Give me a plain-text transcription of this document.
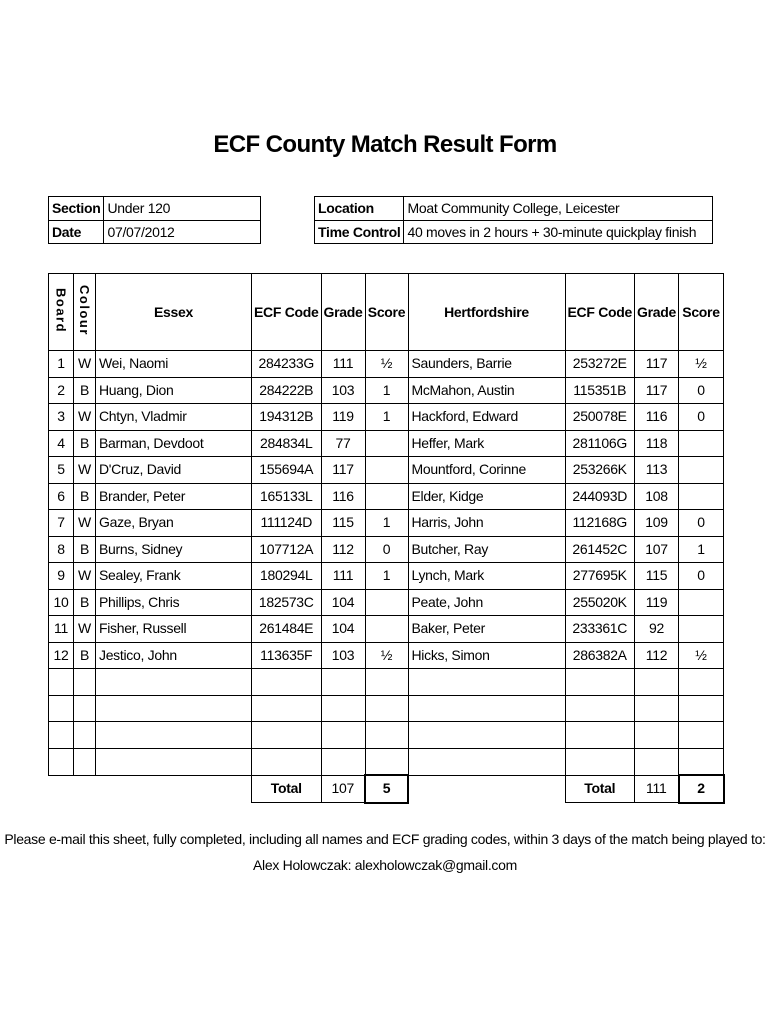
ECF County Match Result Form
Section	Under 120
Date	07/07/2012
Location	Moat Community College, Leicester
Time Control	40 moves in 2 hours + 30-minute quickplay finish
Board	Colour	Essex	ECF Code	Grade	Score	Hertfordshire	ECF Code	Grade	Score
1	W	Wei, Naomi	284233G	111	½	Saunders, Barrie	253272E	117	½
2	B	Huang, Dion	284222B	103	1	McMahon, Austin	115351B	117	0
3	W	Chtyn, Vladmir	194312B	119	1	Hackford, Edward	250078E	116	0
4	B	Barman, Devdoot	284834L	77		Heffer, Mark	281106G	118	
5	W	D'Cruz, David	155694A	117		Mountford, Corinne	253266K	113	
6	B	Brander, Peter	165133L	116		Elder, Kidge	244093D	108	
7	W	Gaze, Bryan	111124D	115	1	Harris, John	112168G	109	0
8	B	Burns, Sidney	107712A	112	0	Butcher, Ray	261452C	107	1
9	W	Sealey, Frank	180294L	111	1	Lynch, Mark	277695K	115	0
10	B	Phillips, Chris	182573C	104		Peate, John	255020K	119	
11	W	Fisher, Russell	261484E	104		Baker, Peter	233361C	92	
12	B	Jestico, John	113635F	103	½	Hicks, Simon	286382A	112	½

			Total	107	5		Total	111	2
Please e-mail this sheet, fully completed, including all names and ECF grading codes, within 3 days of the match being played to:
Alex Holowczak: alexholowczak@gmail.com
